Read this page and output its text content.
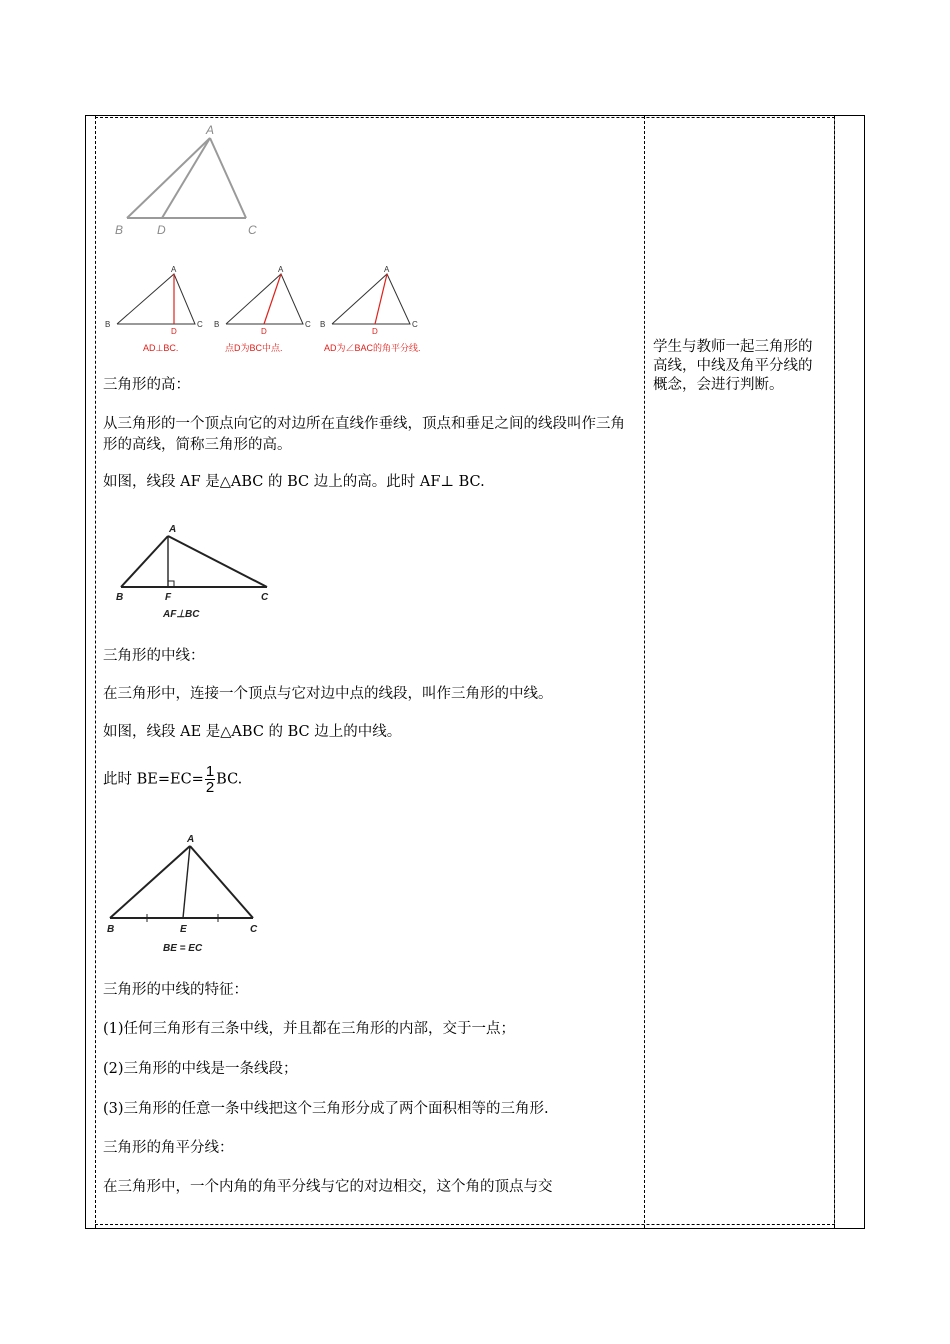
A
B	D	C
A
B	C
D
A
B	C
D
A
B	C
D
AD⊥BC.	点D为BC中点.	AD为∠BAC的角平分线.

三角形的高：

从三角形的一个顶点向它的对边所在直线作垂线，顶点和垂足之间的线段叫作三角形的高线，简称三角形的高。

如图，线段 AF 是△ABC 的 BC 边上的高。此时 AF⊥ BC.

A
B	F	C
AF⊥BC

三角形的中线：

在三角形中，连接一个顶点与它对边中点的线段，叫作三角形的中线。

如图，线段 AE 是△ABC 的 BC 边上的中线。

此时 $BE=EC= \frac{1}{2}$ BC.

A
B	E	C
BE = EC

三角形的中线的特征：

(1)任何三角形有三条中线，并且都在三角形的内部，交于一点；

(2)三角形的中线是一条线段；

(3)三角形的任意一条中线把这个三角形分成了两个面积相等的三角形.

三角形的角平分线：

在三角形中，一个内角的角平分线与它的对边相交，这个角的顶点与交

学生与教师一起三角形的高线，中线及角平分线的概念，会进行判断。
